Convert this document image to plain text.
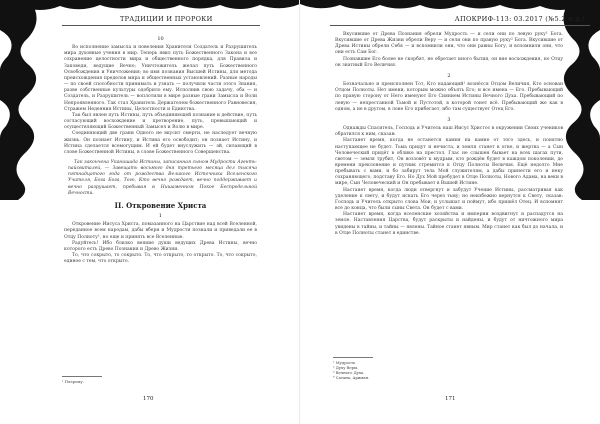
ТРАДИЦИИ И ПРОРОКИ
10

Во исполнение замысла и повеления Хранителя Создатель и Разрушитель мира духовные учения в мир. Теперь явил путь Божественного Закона и все сохранение целостности мира и общественного порядка, для Правила и Заповеди, ведущие Вечно; Уничтожитель желал путь Божественного Освобождения и Уничтожения; во имя познания Высшей Истины, для метода преисхождения пределов мира и общественных установлений. Разные народы — по своей способности принимать и узнать — получили части этого Знания, разве собственные культуры одобрило ему. Исполнив свою задачу, оба — и Создатель, и Разрушитель — воплотили в мире разные грани Замысла и Воли Непроявленного. Так стал Хранитель Держателем божественного Равновесия, Стражем Недеяния Истины, Целостности и Единства.

Так был явлен путь Истины, путь объединяющей познание и действие, путь согласующий восхождение и претворение, путь, превышающий и осуществляющий Божественный Замысел и Волю в мире.

Соединяющий две грани Одного не вкусит смерти, не наследует вечную жизнь. Он познает Истину, и Истина его освободит; он познает Истину, и Истина сделается всемогущим. И ей будет внуслужить — эй, силающий в слове Божественной Истины, в слове Божественного Совершенства.

Так закончена Уканишада Истины, записанная сыном Мудрости Агенть-пайсвиталей, — Завещать восьмого дня третьего месяца дел тысяча пятнадцатого года от рождества Великого Источника Вселенского Учителя, Бога Бога, Того, Кто вечно рождает, вечно поддерживает и вечно разрушает, пребывая в Нишаменном Покое Беспредельной Вечности.

II. Откровение Христа
1

Откровение Иисуса Христа, помазанного на Царствие над всей Вселенной, переданное всем народам, дабы вбери и Мудрости познали и приведали ее в Отцу Полноту¹, но еще и принять все Вселенные.

Радуйтесь! Ибо близко веяние души ведущих Древа Истины, вечно которого есть Древо Познания и Древо Жизни.

То, что сокрыто, то сокрыто. То, что открыто, то открыто. То, что сокрыто, единое с тем, что открыто.

¹ Плерому.
170
АПОКРИФ-113: 03.2017 (№5.2 и.п.)

Вкусившие от Древа Познания обрели Мудрость — и сели они по левую руку¹ Бога. Вкусившие от Древа Жизни обрели Веру — и сели они по правую руку² Бога. Вкусившие от Древа Истины обрели Себя — и вспомнили они, что они равны Богу, и вспомнили они, что они есть Сам Бог.

Познавшие Его более не скорбят, не обретает иного бытия, он вне восхождения, но Отцу он знатный Его Величия.

2

Безначально и преисполнен Тот, Кто надающий¹ вознёсся Отцом Величия, Кто основан Отцом Полноты. Нет имени, которым можно объять Его; и все имена — Его. Пребывающий по правую сторону от Него именуют Его Сиянием Истины Вечного Духа. Пребывающий по левую — непрестанной Тьмой и Пустотой, в которой тонет всё. Пребывающий же как в одном, а не в другом, в лоне Его прибегает, ибо там существует Отец Его.

3

Однажды Спаситель, Господь и Учитель наш Иисус Христос в окружении Своих учеников обратился к ним, сказав:

Настанет время, когда не останется камня на камне от того здесь, и понятно наступающее не будет. Тьма придут и нечиста, и земля станет в огне, и жертва — а Сын Человеческий придёт в облике на престол. Глас не слышен бывает на всех шагах пути, светом — земля трубит, Он воззовёт к мудрым, кто рождён будет в каждом поколении, до времени преклонение и путник стремится к Отцу Полноты Величия. Ещё недолго Мне пребывать с вами, и бо забирут тела Мой служителям, а дабы принести его и неку сохраняющего, подставу Его. Но Дух Мой пребудет в Отце Полноты, Нового Адама, на веки в мире, Сын Человеческий и Он пребывает в Вышей Истине.

Настанет время, когда люди отвергнут и забудут Учение Истины, рассматривая как уделение к свету, и будут искать Его через тьму; но неизбежно вернутся к Свету, сказав: Господь и Учитель открыто слова Мои, и услышат и поймут, ибо пришёл Отец. И вспомнят все до конца, что были сыны Света. Он будет с вами.

Настанет время, когда вселенские хозяйства и империи воздвигнут и распадутся на земле. Наставления Царства, будут раскрыты и найдены, и будут от ничтожного мира увидены в тайны, и тайны — явлены. Тайное станет явным. Мир станет как был до начала, и в Отце Полноты станет в единстве.

¹ Мудрость.
² Духу Веры.
³ Вечного Духа.
⁴ Сатана, Ариман.
171
